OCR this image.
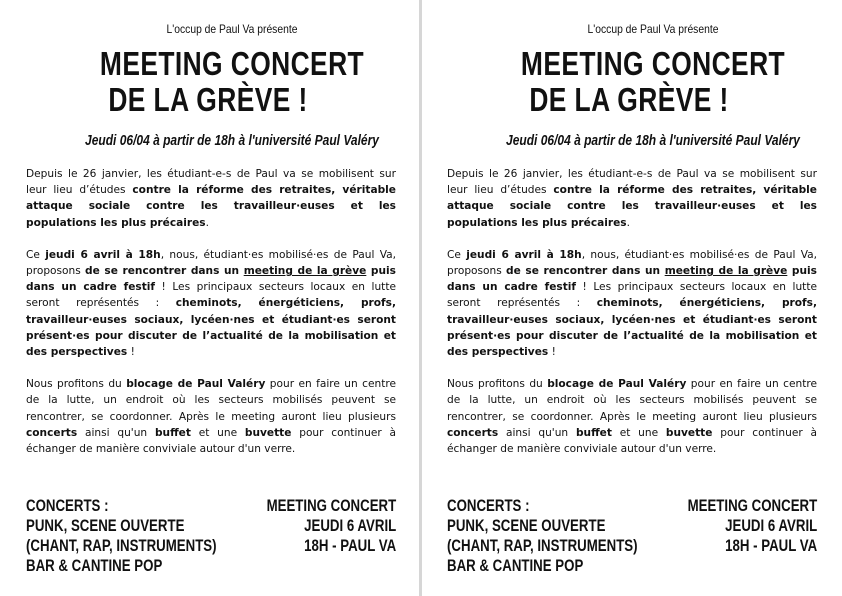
L'occup de Paul Va présente
MEETING CONCERT
DE LA GRÈVE !
Jeudi 06/04 à partir de 18h à l'université Paul Valéry

Depuis le 26 janvier, les étudiant-e-s de Paul va se mobilisent sur leur lieu d’études contre la réforme des retraites, véritable attaque sociale contre les travailleur·euses et les populations les plus précaires.

Ce jeudi 6 avril à 18h, nous, étudiant·es mobilisé·es de Paul Va, proposons de se rencontrer dans un meeting de la grève puis dans un cadre festif ! Les principaux secteurs locaux en lutte seront représentés : cheminots, énergéticiens, profs, travailleur·euses sociaux, lycéen·nes et étudiant·es seront présent·es pour discuter de l’actualité de la mobilisation et des perspectives !

Nous profitons du blocage de Paul Valéry pour en faire un centre de la lutte, un endroit où les secteurs mobilisés peuvent se rencontrer, se coordonner. Après le meeting auront lieu plusieurs concerts ainsi qu'un buffet et une buvette pour continuer à échanger de manière conviviale autour d'un verre.

CONCERTS :
PUNK, SCENE OUVERTE
(CHANT, RAP, INSTRUMENTS)
BAR & CANTINE POP
MEETING CONCERT
JEUDI 6 AVRIL
18H - PAUL VA
L'occup de Paul Va présente
MEETING CONCERT
DE LA GRÈVE !
Jeudi 06/04 à partir de 18h à l'université Paul Valéry

Depuis le 26 janvier, les étudiant-e-s de Paul va se mobilisent sur leur lieu d’études contre la réforme des retraites, véritable attaque sociale contre les travailleur·euses et les populations les plus précaires.

Ce jeudi 6 avril à 18h, nous, étudiant·es mobilisé·es de Paul Va, proposons de se rencontrer dans un meeting de la grève puis dans un cadre festif ! Les principaux secteurs locaux en lutte seront représentés : cheminots, énergéticiens, profs, travailleur·euses sociaux, lycéen·nes et étudiant·es seront présent·es pour discuter de l’actualité de la mobilisation et des perspectives !

Nous profitons du blocage de Paul Valéry pour en faire un centre de la lutte, un endroit où les secteurs mobilisés peuvent se rencontrer, se coordonner. Après le meeting auront lieu plusieurs concerts ainsi qu'un buffet et une buvette pour continuer à échanger de manière conviviale autour d'un verre.

CONCERTS :
PUNK, SCENE OUVERTE
(CHANT, RAP, INSTRUMENTS)
BAR & CANTINE POP
MEETING CONCERT
JEUDI 6 AVRIL
18H - PAUL VA
